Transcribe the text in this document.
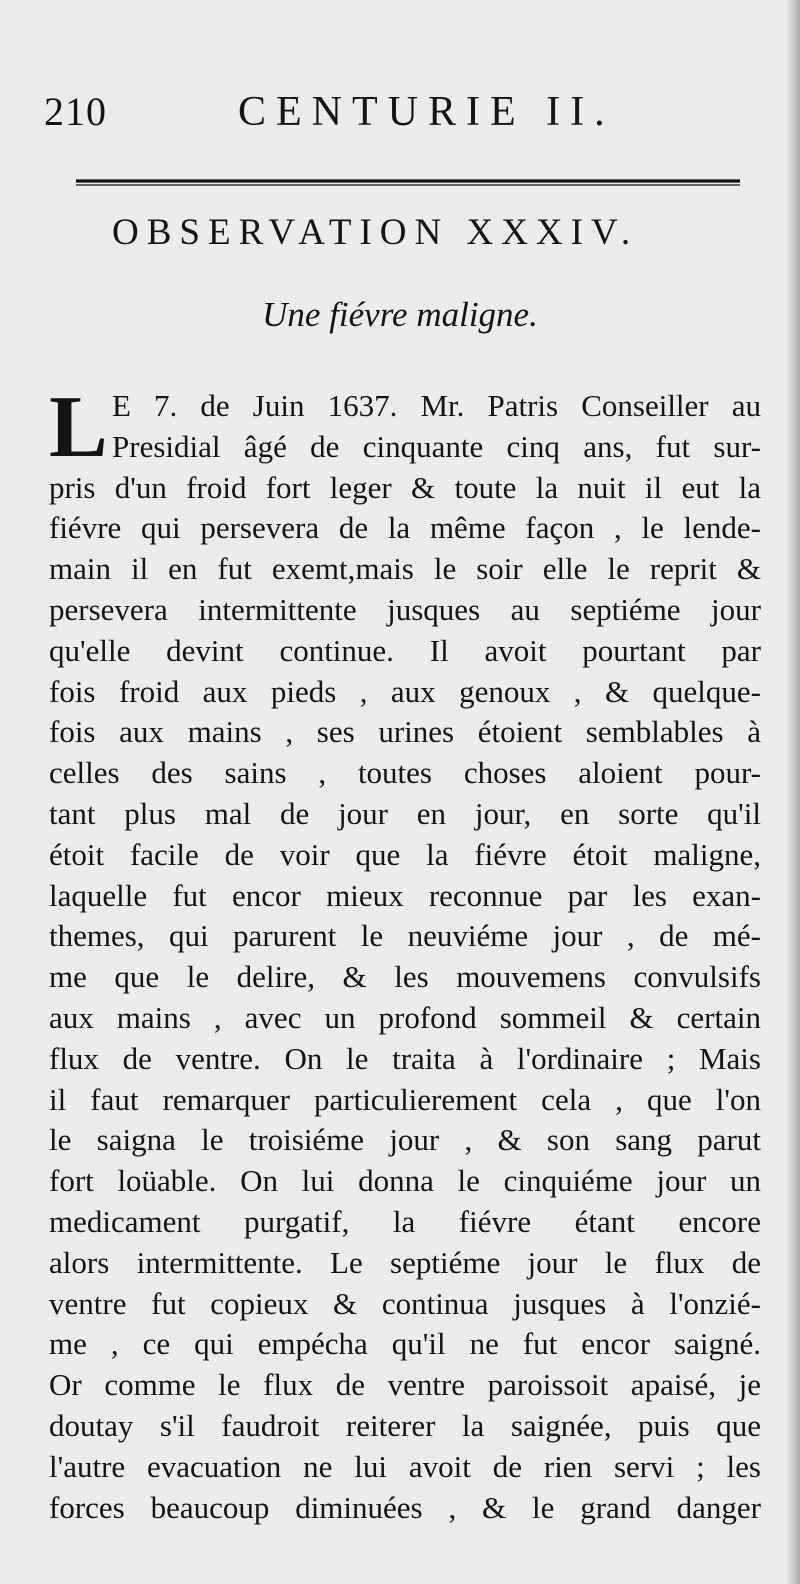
210	CENTURIE II.
OBSERVATION XXXIV.
Une fiévre maligne.
L E 7. de Juin 1637. Mr. Patris Conseiller au
Presidial âgé de cinquante cinq ans, fut sur-
pris d'un froid fort leger & toute la nuit il eut la
fiévre qui persevera de la même façon , le lende-
main il en fut exemt,mais le soir elle le reprit &
persevera intermittente jusques au septiéme jour
qu'elle devint continue. Il avoit pourtant par
fois froid aux pieds , aux genoux , & quelque-
fois aux mains , ses urines étoient semblables à
celles des sains , toutes choses aloient pour-
tant plus mal de jour en jour, en sorte qu'il
étoit facile de voir que la fiévre étoit maligne,
laquelle fut encor mieux reconnue par les exan-
themes, qui parurent le neuviéme jour , de mé-
me que le delire, & les mouvemens convulsifs
aux mains , avec un profond sommeil & certain
flux de ventre. On le traita à l'ordinaire ; Mais
il faut remarquer particulierement cela , que l'on
le saigna le troisiéme jour , & son sang parut
fort loüable. On lui donna le cinquiéme jour un
medicament purgatif, la fiévre étant encore
alors intermittente. Le septiéme jour le flux de
ventre fut copieux & continua jusques à l'onzié-
me , ce qui empécha qu'il ne fut encor saigné.
Or comme le flux de ventre paroissoit apaisé, je
doutay s'il faudroit reiterer la saignée, puis que
l'autre evacuation ne lui avoit de rien servi ; les
forces beaucoup diminuées , & le grand danger
